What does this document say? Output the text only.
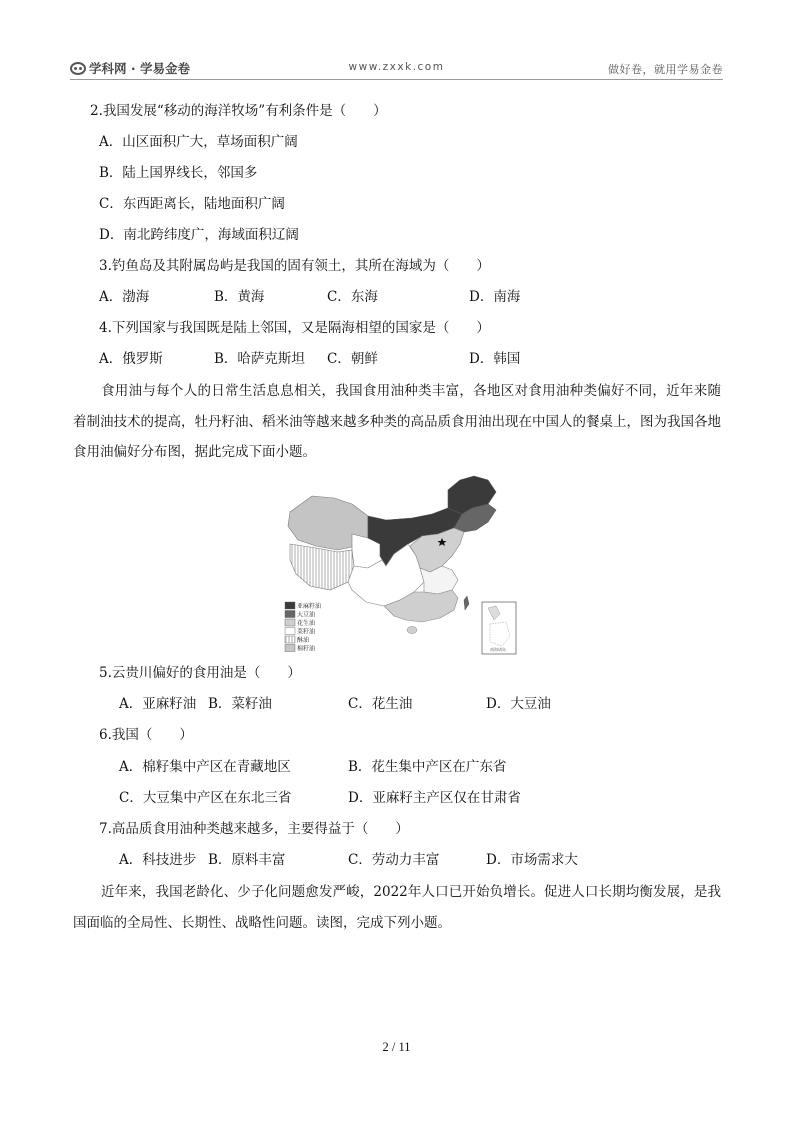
学科网 · 学易金卷	www.zxxk.com	做好卷，就用学易金卷
2.我国发展“移动的海洋牧场”有利条件是（　　）
A．山区面积广大，草场面积广阔
B．陆上国界线长，邻国多
C．东西距离长，陆地面积广阔
D．南北跨纬度广，海域面积辽阔
3.钓鱼岛及其附属岛屿是我国的固有领土，其所在海域为（　　）
A．渤海	B．黄海	C．东海	D．南海
4.下列国家与我国既是陆上邻国，又是隔海相望的国家是（　　）
A．俄罗斯	B．哈萨克斯坦 C．朝鲜	D．韩国
食用油与每个人的日常生活息息相关，我国食用油种类丰富，各地区对食用油种类偏好不同，近年来随着制油技术的提高，牡丹籽油、稻米油等越来越多种类的高品质食用油出现在中国人的餐桌上，图为我国各地食用油偏好分布图，据此完成下面小题。
亚麻籽油
大豆油
花生油
菜籽油
酥油
棉籽油	南海诸岛
5.云贵川偏好的食用油是（　　）
A．亚麻籽油 B．菜籽油	C．花生油	D．大豆油
6.我国（　　）
A．棉籽集中产区在青藏地区	B．花生集中产区在广东省
C．大豆集中产区在东北三省	D．亚麻籽主产区仅在甘肃省
7.高品质食用油种类越来越多，主要得益于（　　）
A．科技进步 B．原料丰富	C．劳动力丰富	D．市场需求大
近年来，我国老龄化、少子化问题愈发严峻，2022年人口已开始负增长。促进人口长期均衡发展，是我国面临的全局性、长期性、战略性问题。读图，完成下列小题。
2 / 11
